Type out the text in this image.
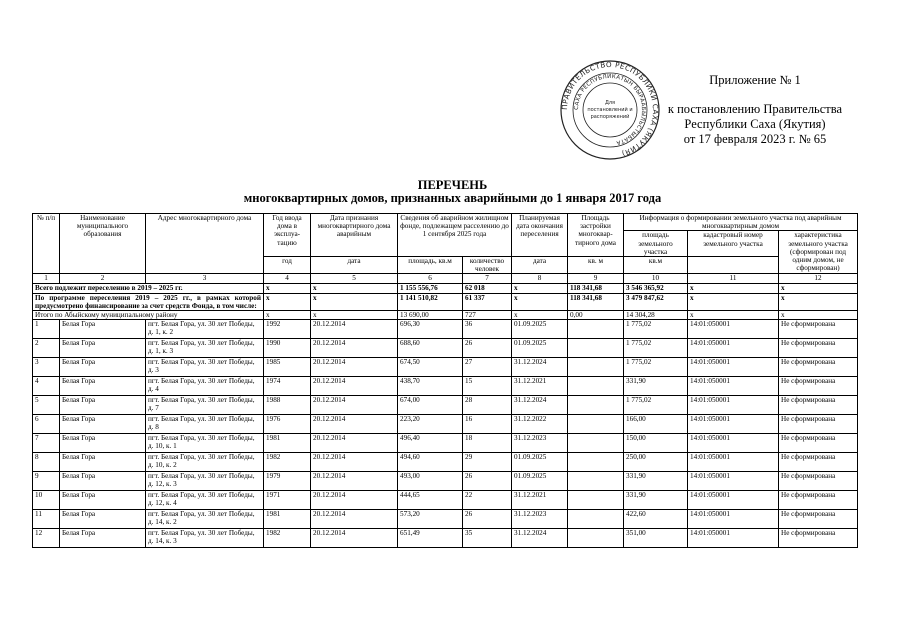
ПРАВИТЕЛЬСТВО РЕСПУБЛИКИ САХА (ЯКУТИЯ)
САХА РЕСПУБЛИКАТЫН БЫРААБЫЛЬСТЫБАТА
Для
постановлений и
распоряжений
Приложение № 1
к постановлению Правительства
Республики Саха (Якутия)
от 17 февраля 2023 г. № 65
ПЕРЕЧЕНЬ
многоквартирных домов, признанных аварийными до 1 января 2017 года
№ п/п	Наименование муниципального образования	Адрес многоквартирного дома	Год ввода дома в эксплуа-тацию	Дата признания многоквартирного дома аварийным	Сведения об аварийном жилищном фонде, подлежащем расселению до 1 сентября 2025 года		Планируемая дата окончания переселения	Площадь застройки многоквар-тирного дома	Информация о формировании земельного участка под аварийным многоквартирным домом		
									площадь земельного участка	кадастровый номер земельного участка	характеристика земельного участка (сформирован под одним домом, не сформирован)
			год	дата	площадь, кв.м	количество человек	дата	кв. м	кв.м		
1	2	3	4	5	6	7	8	9	10	11	12
Всего подлежит переселению в 2019 – 2025 гг.			х	х	1 155 556,76	62 018	х	118 341,68	3 546 365,92	х	х
По программе переселения 2019 – 2025 гг., в рамках которой предусмотрено финансирование за счет средств Фонда, в том числе:			х	х	1 141 510,82	61 337	х	118 341,68	3 479 847,62	х	х
Итого по Абыйскому муниципальному району			х	х	13 690,00	727	х	0,00	14 304,28	х	х
1	Белая Гора	пгт. Белая Гора, ул. 30 лет Победы, д. 1, к. 2	1992	20.12.2014	696,30	36	01.09.2025		1 775,02	14:01:050001	Не сформирована
2	Белая Гора	пгт. Белая Гора, ул. 30 лет Победы, д. 1, к. 3	1990	20.12.2014	688,60	26	01.09.2025		1 775,02	14:01:050001	Не сформирована
3	Белая Гора	пгт. Белая Гора, ул. 30 лет Победы, д. 3	1985	20.12.2014	674,50	27	31.12.2024		1 775,02	14:01:050001	Не сформирована
4	Белая Гора	пгт. Белая Гора, ул. 30 лет Победы, д. 4	1974	20.12.2014	438,70	15	31.12.2021		331,90	14:01:050001	Не сформирована
5	Белая Гора	пгт. Белая Гора, ул. 30 лет Победы, д. 7	1988	20.12.2014	674,00	28	31.12.2024		1 775,02	14:01:050001	Не сформирована
6	Белая Гора	пгт. Белая Гора, ул. 30 лет Победы, д. 8	1976	20.12.2014	223,20	16	31.12.2022		166,00	14:01:050001	Не сформирована
7	Белая Гора	пгт. Белая Гора, ул. 30 лет Победы, д. 10, к. 1	1981	20.12.2014	496,40	18	31.12.2023		150,00	14:01:050001	Не сформирована
8	Белая Гора	пгт. Белая Гора, ул. 30 лет Победы, д. 10, к. 2	1982	20.12.2014	494,60	29	01.09.2025		250,00	14:01:050001	Не сформирована
9	Белая Гора	пгт. Белая Гора, ул. 30 лет Победы, д. 12, к. 3	1979	20.12.2014	493,00	26	01.09.2025		331,90	14:01:050001	Не сформирована
10	Белая Гора	пгт. Белая Гора, ул. 30 лет Победы, д. 12, к. 4	1971	20.12.2014	444,65	22	31.12.2021		331,90	14:01:050001	Не сформирована
11	Белая Гора	пгт. Белая Гора, ул. 30 лет Победы, д. 14, к. 2	1981	20.12.2014	573,20	26	31.12.2023		422,60	14:01:050001	Не сформирована
12	Белая Гора	пгт. Белая Гора, ул. 30 лет Победы, д. 14, к. 3	1982	20.12.2014	651,49	35	31.12.2024		351,00	14:01:050001	Не сформирована
